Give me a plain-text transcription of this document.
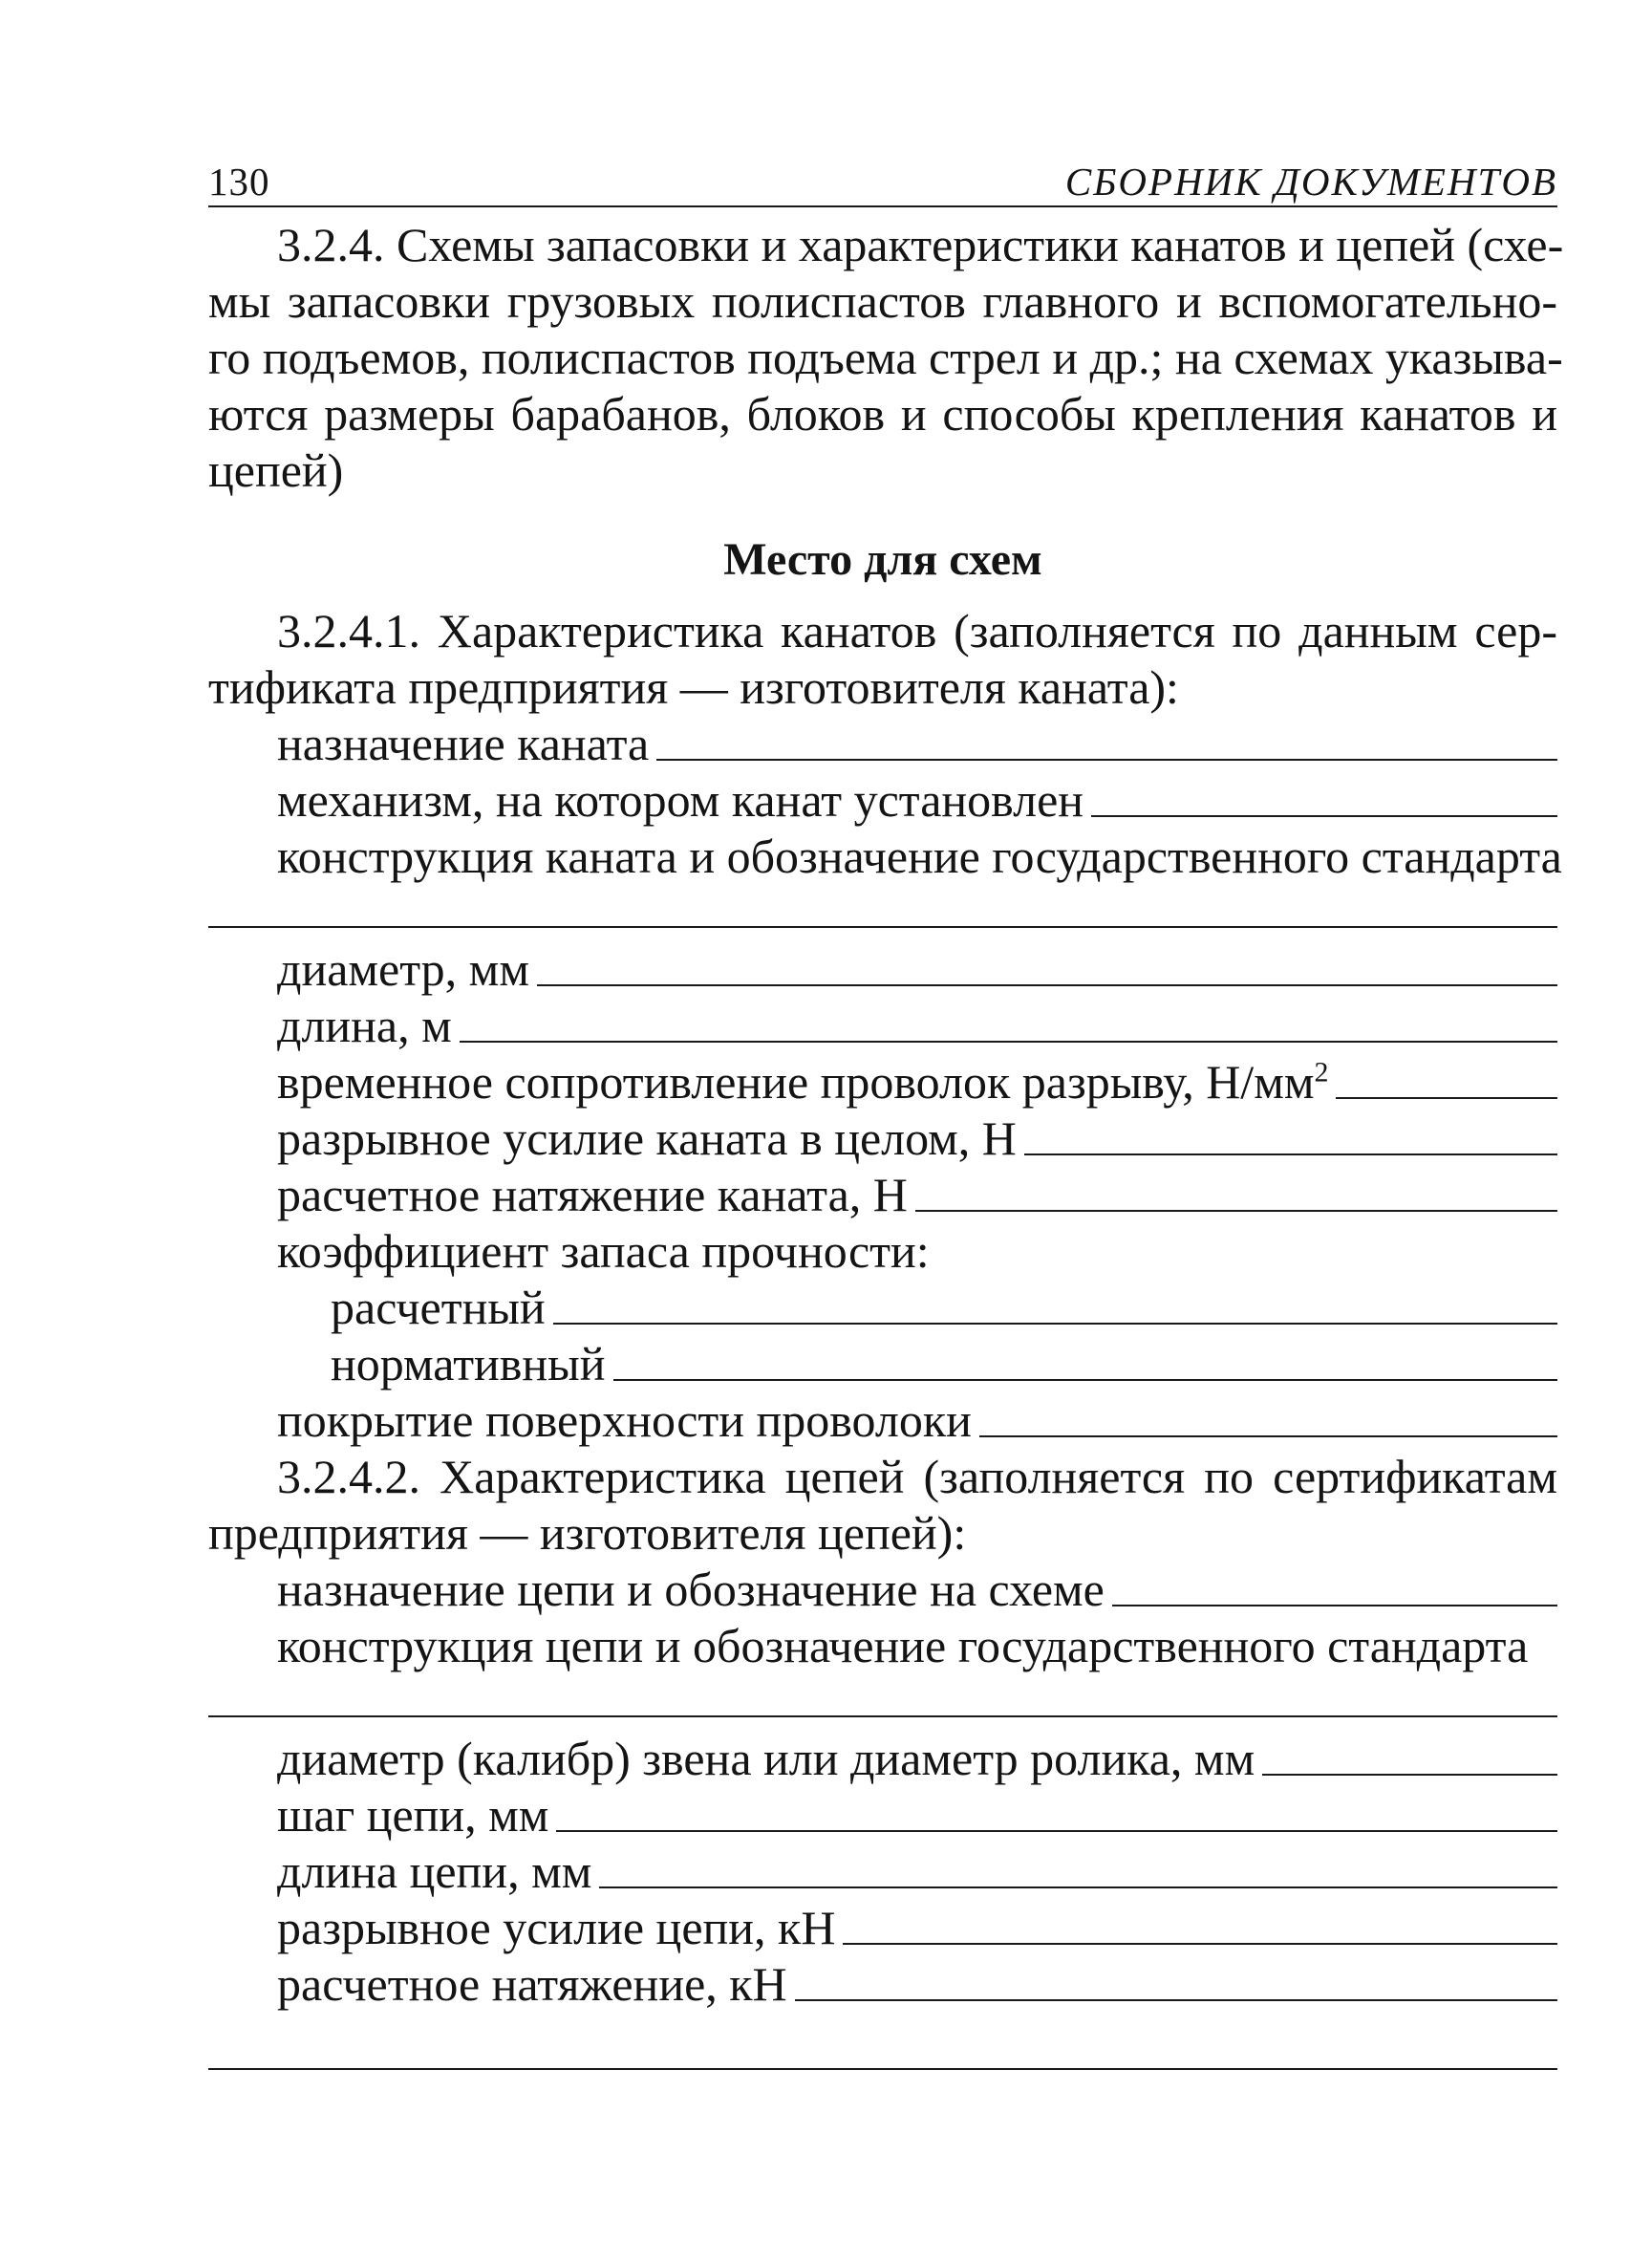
130	СБОРНИК ДОКУМЕНТОВ
3.2.4. Схемы запасовки и характеристики канатов и цепей (схе-
мы запасовки грузовых полиспастов главного и вспомогательно-
го подъемов, полиспастов подъема стрел и др.; на схемах указыва-
ются размеры барабанов, блоков и способы крепления канатов и
цепей)
Место для схем
3.2.4.1. Характеристика канатов (заполняется по данным сер-
тификата предприятия — изготовителя каната):
назначение каната
механизм, на котором канат установлен
конструкция каната и обозначение государственного стандарта
диаметр, мм
длина, м
временное сопротивление проволок разрыву, $Н/мм^2$
разрывное усилие каната в целом, Н
расчетное натяжение каната, Н
коэффициент запаса прочности:
расчетный
нормативный
покрытие поверхности проволоки
3.2.4.2. Характеристика цепей (заполняется по сертификатам
предприятия — изготовителя цепей):
назначение цепи и обозначение на схеме
конструкция цепи и обозначение государственного стандарта
диаметр (калибр) звена или диаметр ролика, мм
шаг цепи, мм
длина цепи, мм
разрывное усилие цепи, кН
расчетное натяжение, кН
